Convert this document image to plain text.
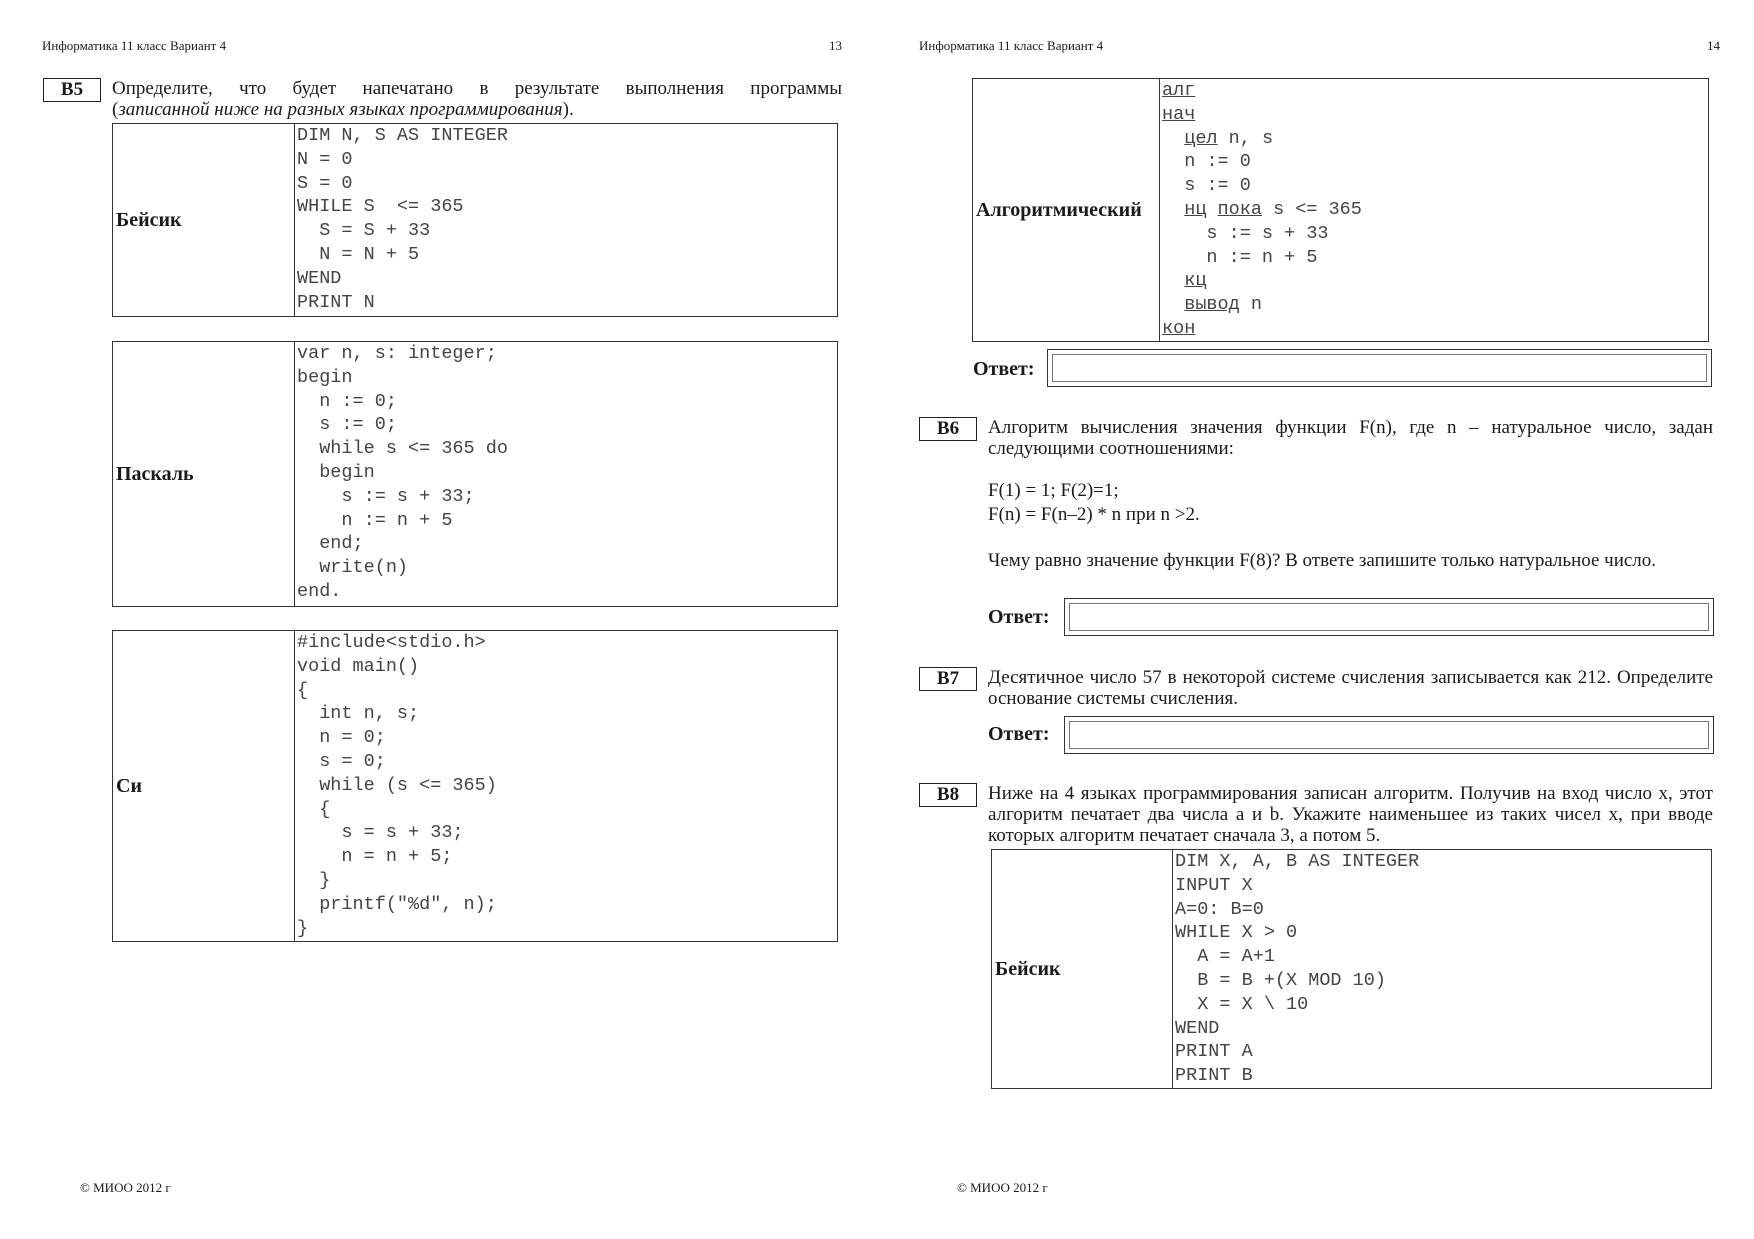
Информатика 11 класс Вариант 4	13
B5	Определите, что будет напечатано в результате выполнения программы
(записанной ниже на разных языках программирования).
Бейсик	
DIM N, S AS INTEGER
N = 0
S = 0
WHILE S  <= 365
S = S + 33
N = N + 5
WEND
PRINT N
Паскаль	
var n, s: integer;
begin
n := 0;
s := 0;
while s <= 365 do
begin
s := s + 33;
n := n + 5
end;
write(n)
end.
Си	
#include<stdio.h>
void main()
{
int n, s;
n = 0;
s = 0;
while (s <= 365)
{
s = s + 33;
n = n + 5;
}
printf("%d", n);
}
© МИОО 2012 г
Информатика 11 класс Вариант 4	14
Алгоритмический	
алг
нач
цел n, s
n := 0
s := 0
нц пока s <= 365
s := s + 33
n := n + 5
кц
вывод n
кон
Ответ:
B6	Алгоритм вычисления значения функции F(n), где n – натуральное число, задан следующими соотношениями:
F(1) = 1; F(2)=1;
F(n) = F(n–2) * n при n >2.
Чему равно значение функции F(8)? В ответе запишите только натуральное число.
Ответ:
B7	Десятичное число 57 в некоторой системе счисления записывается как 212. Определите основание системы счисления.
Ответ:
B8	Ниже на 4 языках программирования записан алгоритм. Получив на вход число x, этот алгоритм печатает два числа a и b. Укажите наименьшее из таких чисел x, при вводе которых алгоритм печатает сначала 3, а потом 5.
Бейсик	
DIM X, A, B AS INTEGER
INPUT X
A=0: B=0
WHILE X > 0
A = A+1
B = B +(X MOD 10)
X = X \ 10
WEND
PRINT A
PRINT B
© МИОО 2012 г
